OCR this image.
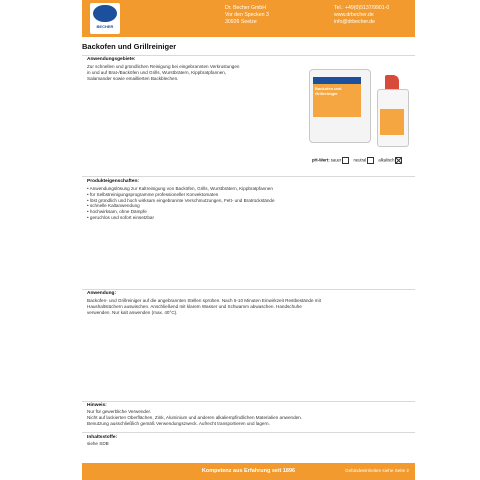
BECHER
Dr. Becher GmbH
Vor den Specken 3
30926 Seelze
Tel.: +49(0)5137/9901-0
www.drbecher.de
info@drbecher.de
Backofen und Grillreiniger
Anwendungsgebiete:
Zur schnellen und gründlichen Reinigung bei eingebrannten Verkrustungen
in und auf Brat-/Backöfen und Grills, Wurstbrätern, Kippbratpfannen,
Salamander sowie emaillierten Backblechen.
Backofen und Grillreiniger
pH-Wert: sauer	neutral	alkalisch
Produkteigenschaften:
• Anwendungslösung zur Kaltreinigung von Backöfen, Grills, Wurstbrätern, Kippbratpfannen
• für Selbstreinigungsprogramme professioneller Konvektomaten
• löst gründlich und hoch wirksam eingebrannte Verschmutzungen, Fett- und Bratrückstände
• schnelle Kaltanwendung
• hochwirksam, ohne Dämpfe
• geruchlos und sofort einsetzbar
Anwendung:
Backofen- und Grillreiniger auf die angebrannten Stellen sprühen. Nach 5-10 Minuten Einwirkzeit Restbestände mit
Haushaltstüchern auswischen. Anschließend mit klarem Wasser und Schwamm abwaschen. Handschuhe
verwenden. Nur kalt anwenden (max. 40°C).
Hinweis:
Nur für gewerbliche Verwender.
Nicht auf lackierten Oberflächen, Zink, Aluminium und anderen alkaliempfindlichen Materialien anwenden.
Benutzung ausschließlich gemäß Verwendungszweck. Aufrecht transportieren und lagern.
Inhaltsstoffe:
siehe SDB
Kompetenz aus Erfahrung seit 1896	Gebindeeinheiten siehe Seite 2
